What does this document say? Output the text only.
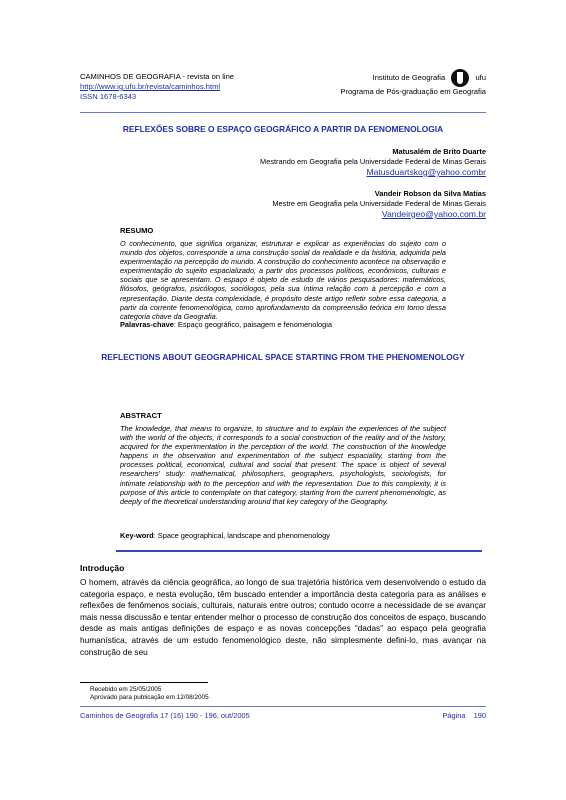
CAMINHOS DE GEOGRAFIA - revista on line
http://www.ig.ufu.br/revista/caminhos.html
ISSN 1678-6343
Instituto de Geografia	ufu
Programa de Pós-graduação em Geografia
REFLEXÕES SOBRE O ESPAÇO GEOGRÁFICO A PARTIR DA FENOMENOLOGIA
Matusalém de Brito Duarte
Mestrando em Geografia pela Universidade Federal de Minas Gerais
Matusduartskog@yahoo.combr
Vandeir Robson da Silva Matias
Mestre em Geografia pela Universidade Federal de Minas Gerais
Vandeirgeo@yahoo.com.br
RESUMO
O conhecimento, que significa organizar, estruturar e explicar as experiências do sujeito com o mundo dos objetos, corresponde a uma construção social da realidade e da história, adquirida pela experimentação na percepção do mundo. A construção do conhecimento acontece na observação e experimentação do sujeito espacializado, a partir dos processos políticos, econômicos, culturais e sociais que se apresentam. O espaço é objeto de estudo de vários pesquisadores: matemáticos, filósofos, geógrafos, psicólogos, sociólogos, pela sua íntima relação com à percepção e com a representação. Diante desta complexidade, é propósito deste artigo refletir sobre essa categoria, a partir da corrente fenomenológica, como aprofundamento da compreensão teórica em torno dessa categoria chave da Geografia.
Palavras-chave: Espaço geográfico, paisagem e fenomenologia
REFLECTIONS ABOUT GEOGRAPHICAL SPACE STARTING FROM THE PHENOMENOLOGY
ABSTRACT
The knowledge, that means to organize, to structure and to explain the experiences of the subject with the world of the objects, it corresponds to a social construction of the reality and of the history, acquired for the experimentation in the perception of the world. The construction of the knowledge happens in the observation and experimentation of the subject espaciality, starting from the processes political, economical, cultural and social that present. The space is object of several researchers' study: mathematical, philosophers, geographers, psychologists, sociologists, for intimate relationship with to the perception and with the representation. Due to this complexity, it is purpose of this article to contemplate on that category, starting from the current phenomenologic, as deeply of the theoretical understanding around that key category of the Geography.
Key-word: Space geographical, landscape and phenomenology
Introdução
O homem, através da ciência geográfica, ao longo de sua trajetória histórica vem desenvolvendo o estudo da categoria espaço, e nesta evolução, têm buscado entender a importância desta categoria para as análises e reflexões de fenômenos sociais, culturais, naturais entre outros; contudo ocorre a necessidade de se avançar mais nessa discussão e tentar entender melhor o processo de construção dos conceitos de espaço, buscando desde as mais antigas definições de espaço e as novas concepções “dadas” ao espaço pela geografia humanística, através de um estudo fenomenológico deste, não simplesmente defini-lo, mas avançar na construção de seu
Recebido em 25/05/2005
Aprovado para publicação em 12/08/2005
Caminhos de Geografia 17 (16) 190 - 196, out/2005	Página 190
